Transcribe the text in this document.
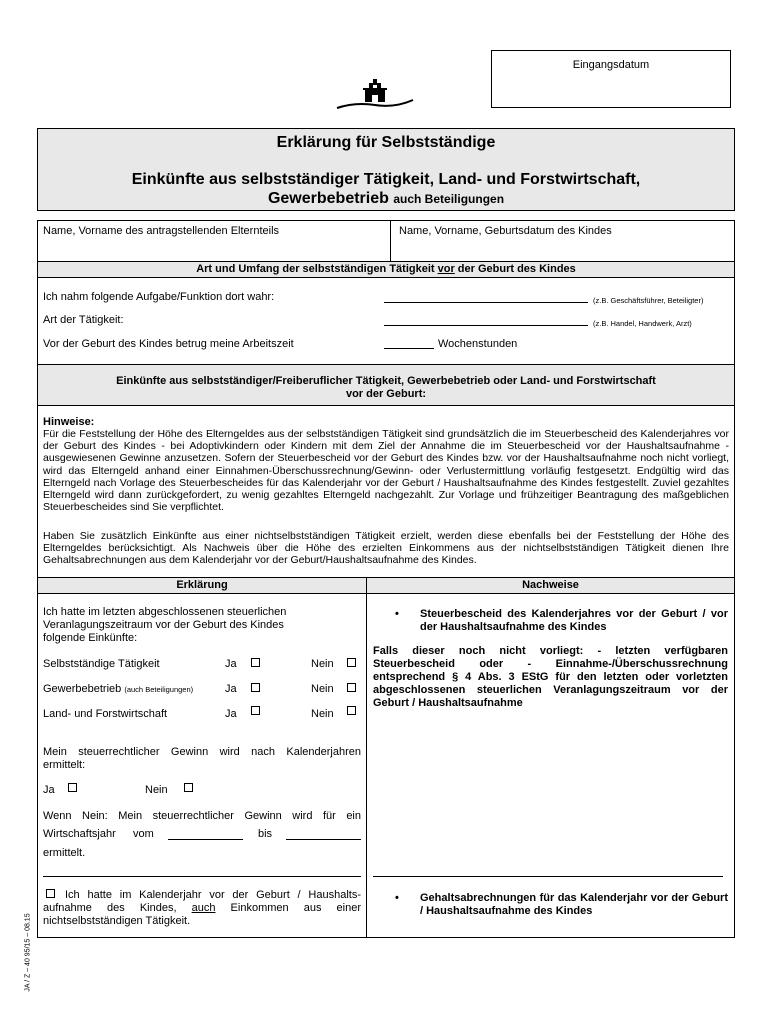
Eingangsdatum
Erklärung für Selbstständige
Einkünfte aus selbstständiger Tätigkeit, Land- und Forstwirtschaft,
Gewerbebetrieb auch Beteiligungen
Name, Vorname des antragstellenden Elternteils	Name, Vorname, Geburtsdatum des Kindes
Art und Umfang der selbstständigen Tätigkeit vor der Geburt des Kindes
Ich nahm folgende Aufgabe/Funktion dort wahr:	(z.B. Geschäftsführer, Beteiligter)
Art der Tätigkeit:	(z.B. Handel, Handwerk, Arzt)
Vor der Geburt des Kindes betrug meine Arbeitszeit	Wochenstunden
Einkünfte aus selbstständiger/Freiberuflicher Tätigkeit, Gewerbebetrieb oder Land- und Forstwirtschaft
vor der Geburt:
Hinweise:
Für die Feststellung der Höhe des Elterngeldes aus der selbstständigen Tätigkeit sind grundsätzlich die im Steuerbescheid des Kalenderjahres vor der Geburt des Kindes - bei Adoptivkindern oder Kindern mit dem Ziel der Annahme die im Steuerbescheid vor der Haushaltsaufnahme - ausgewiesenen Gewinne anzusetzen. Sofern der Steuerbescheid vor der Geburt des Kindes bzw. vor der Haushaltsaufnahme noch nicht vorliegt, wird das Elterngeld anhand einer Einnahmen-Überschussrechnung/Gewinn- oder Verlustermittlung vorläufig festgesetzt. Endgültig wird das Elterngeld nach Vorlage des Steuerbescheides für das Kalenderjahr vor der Geburt / Haushaltsaufnahme des Kindes festgestellt. Zuviel gezahltes Elterngeld wird dann zurückgefordert, zu wenig gezahltes Elterngeld nachgezahlt. Zur Vorlage und frühzeitiger Beantragung des maßgeblichen Steuerbescheides sind Sie verpflichtet.
Haben Sie zusätzlich Einkünfte aus einer nichtselbstständigen Tätigkeit erzielt, werden diese ebenfalls bei der Feststellung der Höhe des Elterngeldes berücksichtigt. Als Nachweis über die Höhe des erzielten Einkommens aus der nichtselbstständigen Tätigkeit dienen Ihre Gehaltsabrechnungen aus dem Kalenderjahr vor der Geburt/Haushaltsaufnahme des Kindes.
Erklärung	Nachweise
Ich hatte im letzten abgeschlossenen steuerlichen Veranlagungszeitraum vor der Geburt des Kindes folgende Einkünfte:
Selbstständige Tätigkeit	Ja	Nein
Gewerbebetrieb (auch Beteiligungen)	Ja	Nein
Land- und Forstwirtschaft	Ja	Nein
Mein steuerrechtlicher Gewinn wird nach Kalenderjahren ermittelt:
Ja	Nein
Wenn Nein: Mein steuerrechtlicher Gewinn wird für ein
Wirtschaftsjahr vom	bis
ermittelt.
Ich hatte im Kalenderjahr vor der Geburt / Haushalts-aufnahme des Kindes, auch Einkommen aus einer nichtselbstständigen Tätigkeit.
• Steuerbescheid des Kalenderjahres vor der Geburt / vor der Haushaltsaufnahme des Kindes
Falls dieser noch nicht vorliegt: - letzten verfügbaren Steuerbescheid oder - Einnahme-/Überschussrechnung entsprechend § 4 Abs. 3 EStG für den letzten oder vorletzten abgeschlossenen steuerlichen Veranlagungszeitraum vor der Geburt / Haushaltsaufnahme
• Gehaltsabrechnungen für das Kalenderjahr vor der Geburt / Haushaltsaufnahme des Kindes
JA / Z – 40 95/15 – 08.15
